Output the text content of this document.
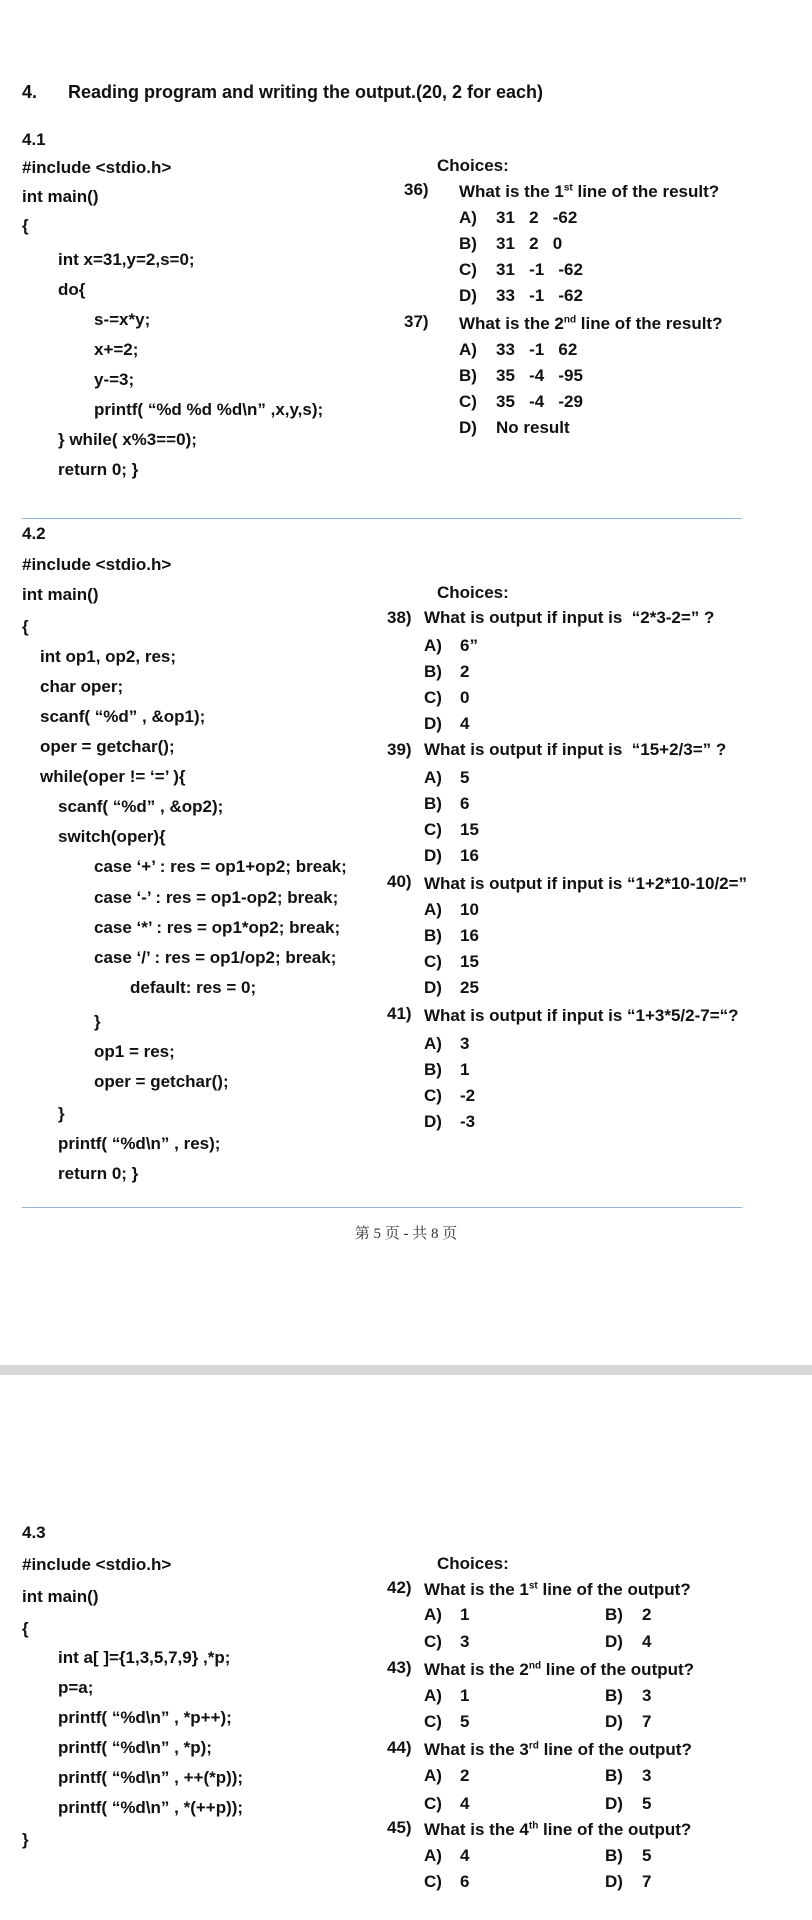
4. Reading program and writing the output.(20, 2 for each)
4.1
#include <stdio.h>
int main()
{
int x=31,y=2,s=0;
do{
s-=x*y;
x+=2;
y-=3;
printf( “%d %d %d\n” ,x,y,s);
} while( x%3==0);
return 0; }
Choices:
36) What is the 1st line of the result?
A) 31   2   -62
B) 31   2   0
C) 31   -1   -62
D) 33   -1   -62
37) What is the 2nd line of the result?
A) 33   -1   62
B) 35   -4   -95
C) 35   -4   -29
D) No result
4.2
#include <stdio.h>
int main()
{
int op1, op2, res;
char oper;
scanf( “%d” , &op1);
oper = getchar();
while(oper != ‘=’ ){
scanf( “%d” , &op2);
switch(oper){
case ‘+’ : res = op1+op2; break;
case ‘-’ : res = op1-op2; break;
case ‘*’ : res = op1*op2; break;
case ‘/’ : res = op1/op2; break;
default: res = 0;
}
op1 = res;
oper = getchar();
}
printf( “%d\n” , res);
return 0; }
Choices:
38) What is output if input is  “2*3-2=” ?
A) 6”
B) 2
C) 0
D) 4
39) What is output if input is  “15+2/3=” ?
A) 5
B) 6
C) 15
D) 16
40) What is output if input is “1+2*10-10/2=”
A) 10
B) 16
C) 15
D) 25
41) What is output if input is “1+3*5/2-7=“?
A) 3
B) 1
C) -2
D) -3
第 5 页 - 共 8 页
4.3
#include <stdio.h>
int main()
{
int a[ ]={1,3,5,7,9} ,*p;
p=a;
printf( “%d\n” , *p++);
printf( “%d\n” , *p);
printf( “%d\n” , ++(*p));
printf( “%d\n” , *(++p));
}
Choices:
42) What is the 1st line of the output?
A) 1	B) 2
C) 3	D) 4
43) What is the 2nd line of the output?
A) 1	B) 3
C) 5	D) 7
44) What is the 3rd line of the output?
A) 2	B) 3
C) 4	D) 5
45) What is the 4th line of the output?
A) 4	B) 5
C) 6	D) 7
